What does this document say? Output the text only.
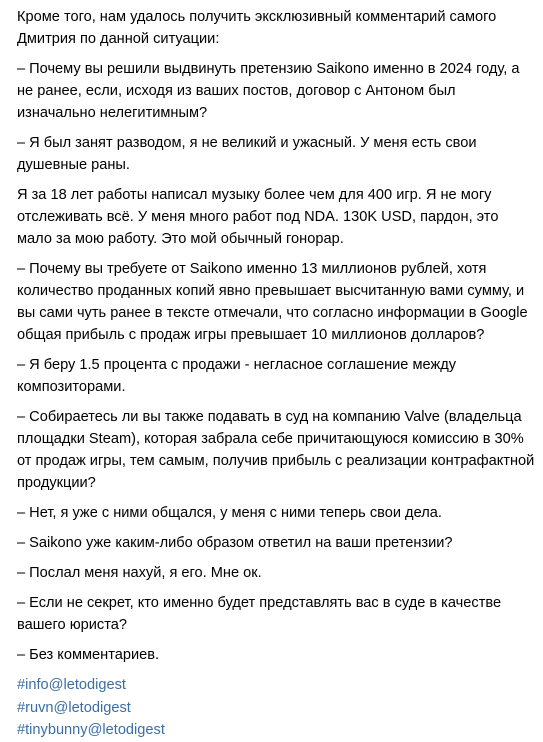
Кроме того, нам удалось получить эксклюзивный комментарий самого Дмитрия по данной ситуации:

– Почему вы решили выдвинуть претензию Saikono именно в 2024 году, а не ранее, если, исходя из ваших постов, договор с Антоном был изначально нелегитимным?

– Я был занят разводом, я не великий и ужасный. У меня есть свои душевные раны.

Я за 18 лет работы написал музыку более чем для 400 игр. Я не могу отслеживать всё. У меня много работ под NDA. 130K USD, пардон, это мало за мою работу. Это мой обычный гонорар.

– Почему вы требуете от Saikono именно 13 миллионов рублей, хотя количество проданных копий явно превышает высчитанную вами сумму, и вы сами чуть ранее в тексте отмечали, что согласно информации в Google общая прибыль с продаж игры превышает 10 миллионов долларов?

– Я беру 1.5 процента с продажи - негласное соглашение между композиторами.

– Собираетесь ли вы также подавать в суд на компанию Valve (владельца площадки Steam), которая забрала себе причитающуюся комиссию в 30% от продаж игры, тем самым, получив прибыль с реализации контрафактной продукции?

– Нет, я уже с ними общался, у меня с ними теперь свои дела.

– Saikono уже каким-либо образом ответил на ваши претензии?

– Послал меня нахуй, я его. Мне ок.

– Если не секрет, кто именно будет представлять вас в суде в качестве вашего юриста?

– Без комментариев.

#info@letodigest
#ruvn@letodigest
#tinybunny@letodigest
